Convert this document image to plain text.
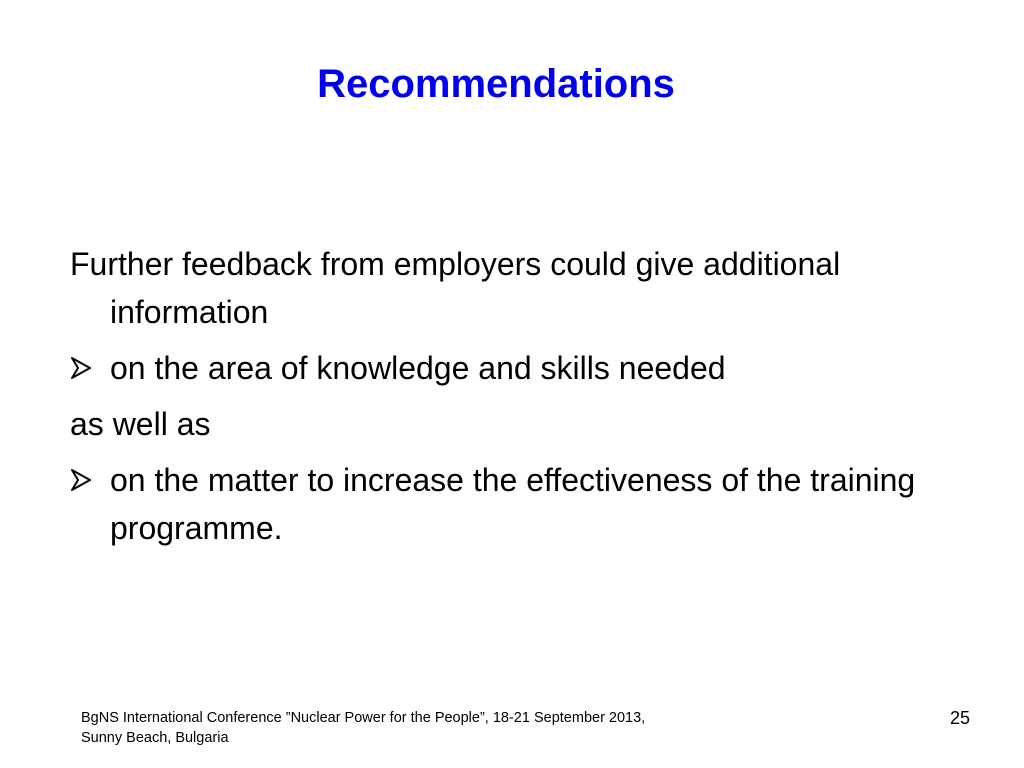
Recommendations

Further feedback from employers could give additional information

on the area of knowledge and skills needed

as well as

on the matter to increase the effectiveness of the training programme.
BgNS International Conference ”Nuclear Power for the People”, 18-21 September 2013,
Sunny Beach, Bulgaria
25
